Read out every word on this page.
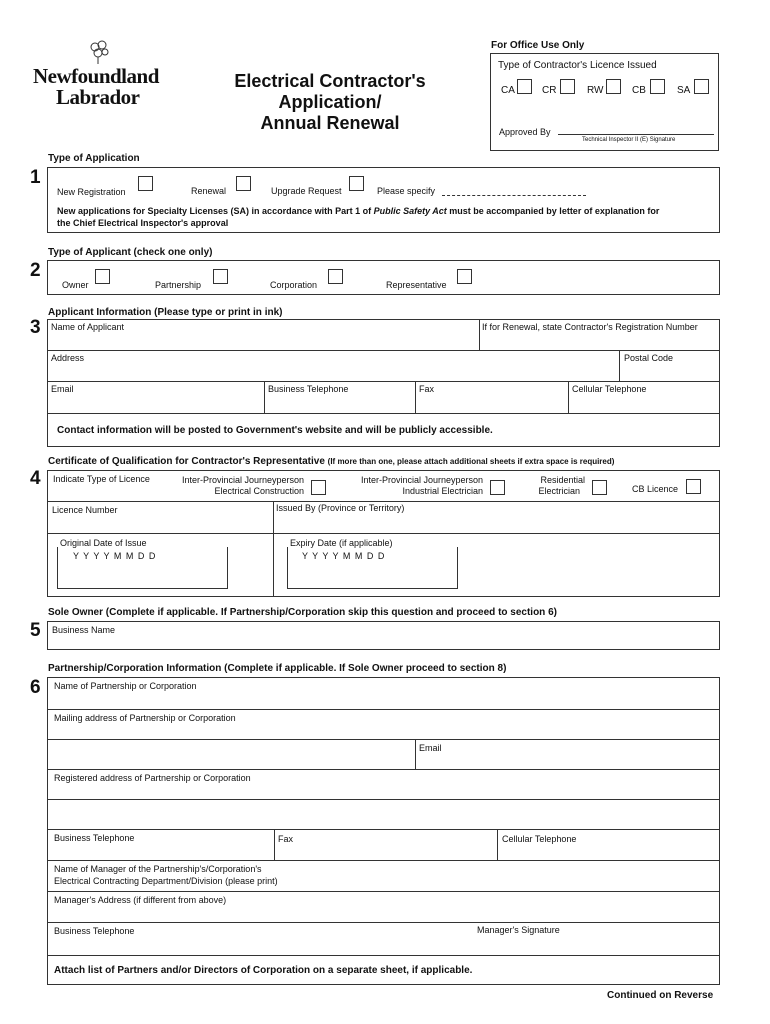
Newfoundland
Labrador
Electrical Contractor's
Application/
Annual Renewal
For Office Use Only
Type of Contractor's Licence Issued
CA	CR	RW	CB	SA
Approved By
Technical Inspector II (E) Signature
Type of Application
1
New Registration	Renewal	Upgrade Request	Please specify
New applications for Specialty Licenses (SA) in accordance with Part 1 of Public Safety Act must be accompanied by letter of explanation for
the Chief Electrical Inspector's approval
Type of Applicant (check one only)
2
Owner	Partnership	Corporation	Representative
Applicant Information (Please type or print in ink)
3 Name of Applicant	If for Renewal, state Contractor's Registration Number
Address	Postal Code
Email	Business Telephone	Fax	Cellular Telephone
Contact information will be posted to Government's website and will be publicly accessible.
Certificate of Qualification for Contractor's Representative (If more than one, please attach additional sheets if extra space is required)
4 Indicate Type of Licence	Inter-Provincial Journeyperson
Electrical Construction
Inter-Provincial Journeyperson
Industrial Electrician
Residential
Electrician	CB Licence
Licence Number	Issued By (Province or Territory)
Original Date of Issue
Y Y Y Y M M D D
Expiry Date (if applicable)
Y Y Y Y M M D D
Sole Owner (Complete if applicable. If Partnership/Corporation skip this question and proceed to section 6)
5 Business Name
Partnership/Corporation Information (Complete if applicable. If Sole Owner proceed to section 8)
6 Name of Partnership or Corporation
Mailing address of Partnership or Corporation
Email
Registered address of Partnership or Corporation
Business Telephone	Fax	Cellular Telephone
Name of Manager of the Partnership's/Corporation's
Electrical Contracting Department/Division (please print)
Manager's Address (if different from above)
Business Telephone	Manager's Signature
Attach list of Partners and/or Directors of Corporation on a separate sheet, if applicable.
Continued on Reverse
